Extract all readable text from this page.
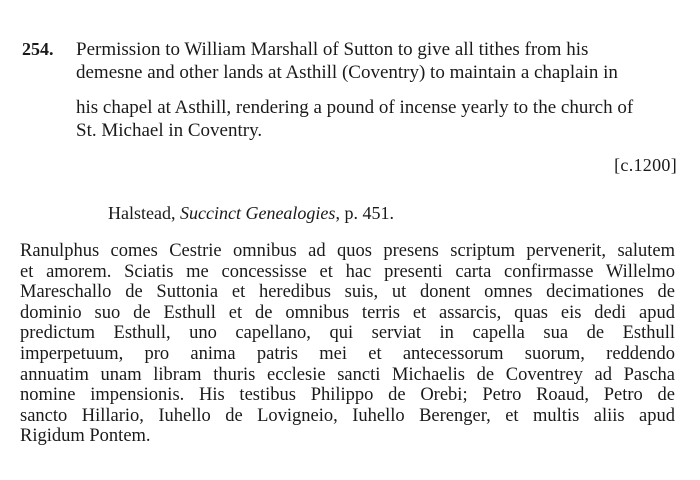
254. Permission to William Marshall of Sutton to give all tithes from his
demesne and other lands at Asthill (Coventry) to maintain a chaplain in
his chapel at Asthill, rendering a pound of incense yearly to the church of
St. Michael in Coventry.
[c.1200]
Halstead, Succinct Genealogies, p. 451.
Ranulphus comes Cestrie omnibus ad quos presens scriptum pervenerit, salutem
et amorem. Sciatis me concessisse et hac presenti carta confirmasse Willelmo
Mareschallo de Suttonia et heredibus suis, ut donent omnes decimationes de
dominio suo de Esthull et de omnibus terris et assarcis, quas eis dedi apud
predictum Esthull, uno capellano, qui serviat in capella sua de Esthull
imperpetuum, pro anima patris mei et antecessorum suorum, reddendo
annuatim unam libram thuris ecclesie sancti Michaelis de Coventrey ad Pascha
nomine impensionis. His testibus Philippo de Orebi; Petro Roaud, Petro de
sancto Hillario, Iuhello de Lovigneio, Iuhello Berenger, et multis aliis apud
Rigidum Pontem.
